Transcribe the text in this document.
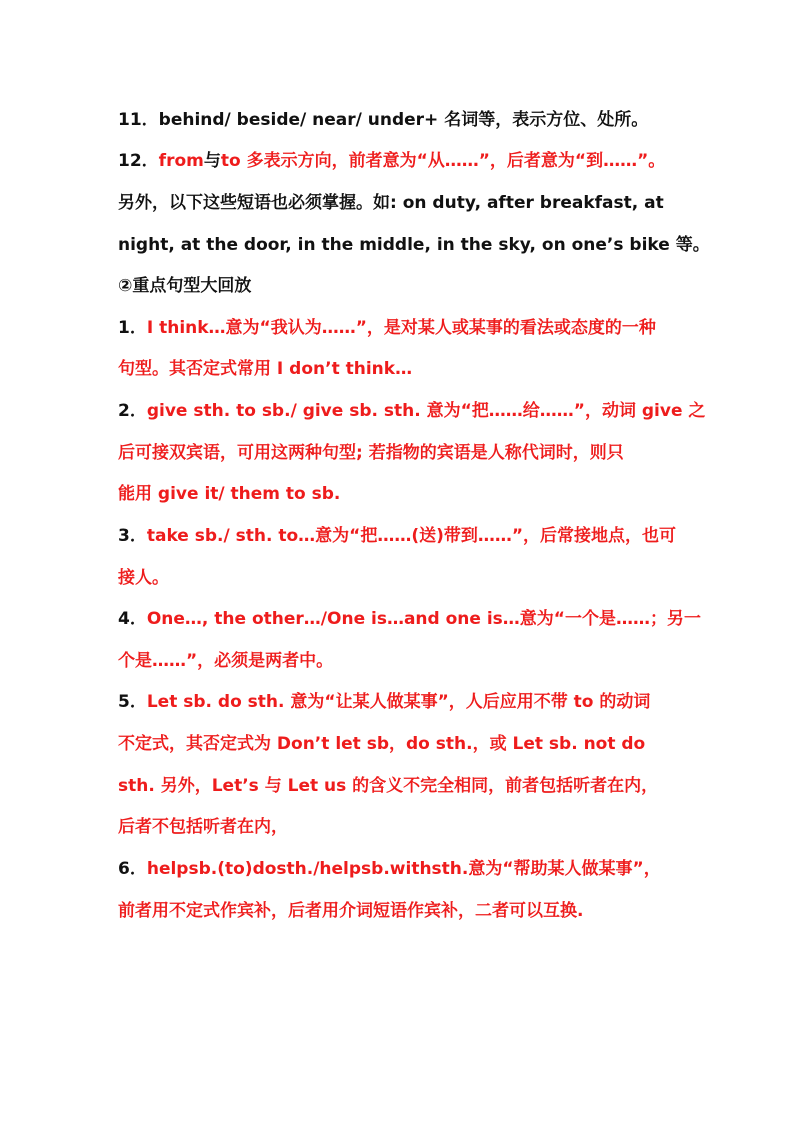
11．behind/ beside/ near/ under+ 名词等，表示方位、处所。
12．from与to 多表示方向，前者意为“从……”，后者意为“到……”。
另外，以下这些短语也必须掌握。如: on duty, after breakfast, at
night, at the door, in the middle, in the sky, on one’s bike 等。
②重点句型大回放
1．I think…意为“我认为……”，是对某人或某事的看法或态度的一种
句型。其否定式常用 I don’t think…
2．give sth. to sb./ give sb. sth. 意为“把……给……”，动词 give 之
后可接双宾语，可用这两种句型; 若指物的宾语是人称代词时，则只
能用 give it/ them to sb.
3．take sb./ sth. to…意为“把……(送)带到……”，后常接地点，也可
接人。
4．One…, the other…/One is…and one is…意为“一个是……；另一
个是……”，必须是两者中。
5．Let sb. do sth. 意为“让某人做某事”，人后应用不带 to 的动词
不定式，其否定式为 Don’t let sb，do sth.，或 Let sb. not do
sth. 另外，Let’s 与 Let us 的含义不完全相同，前者包括听者在内，
后者不包括听者在内，
6．helpsb.(to)dosth./helpsb.withsth.意为“帮助某人做某事”，
前者用不定式作宾补，后者用介词短语作宾补，二者可以互换.
